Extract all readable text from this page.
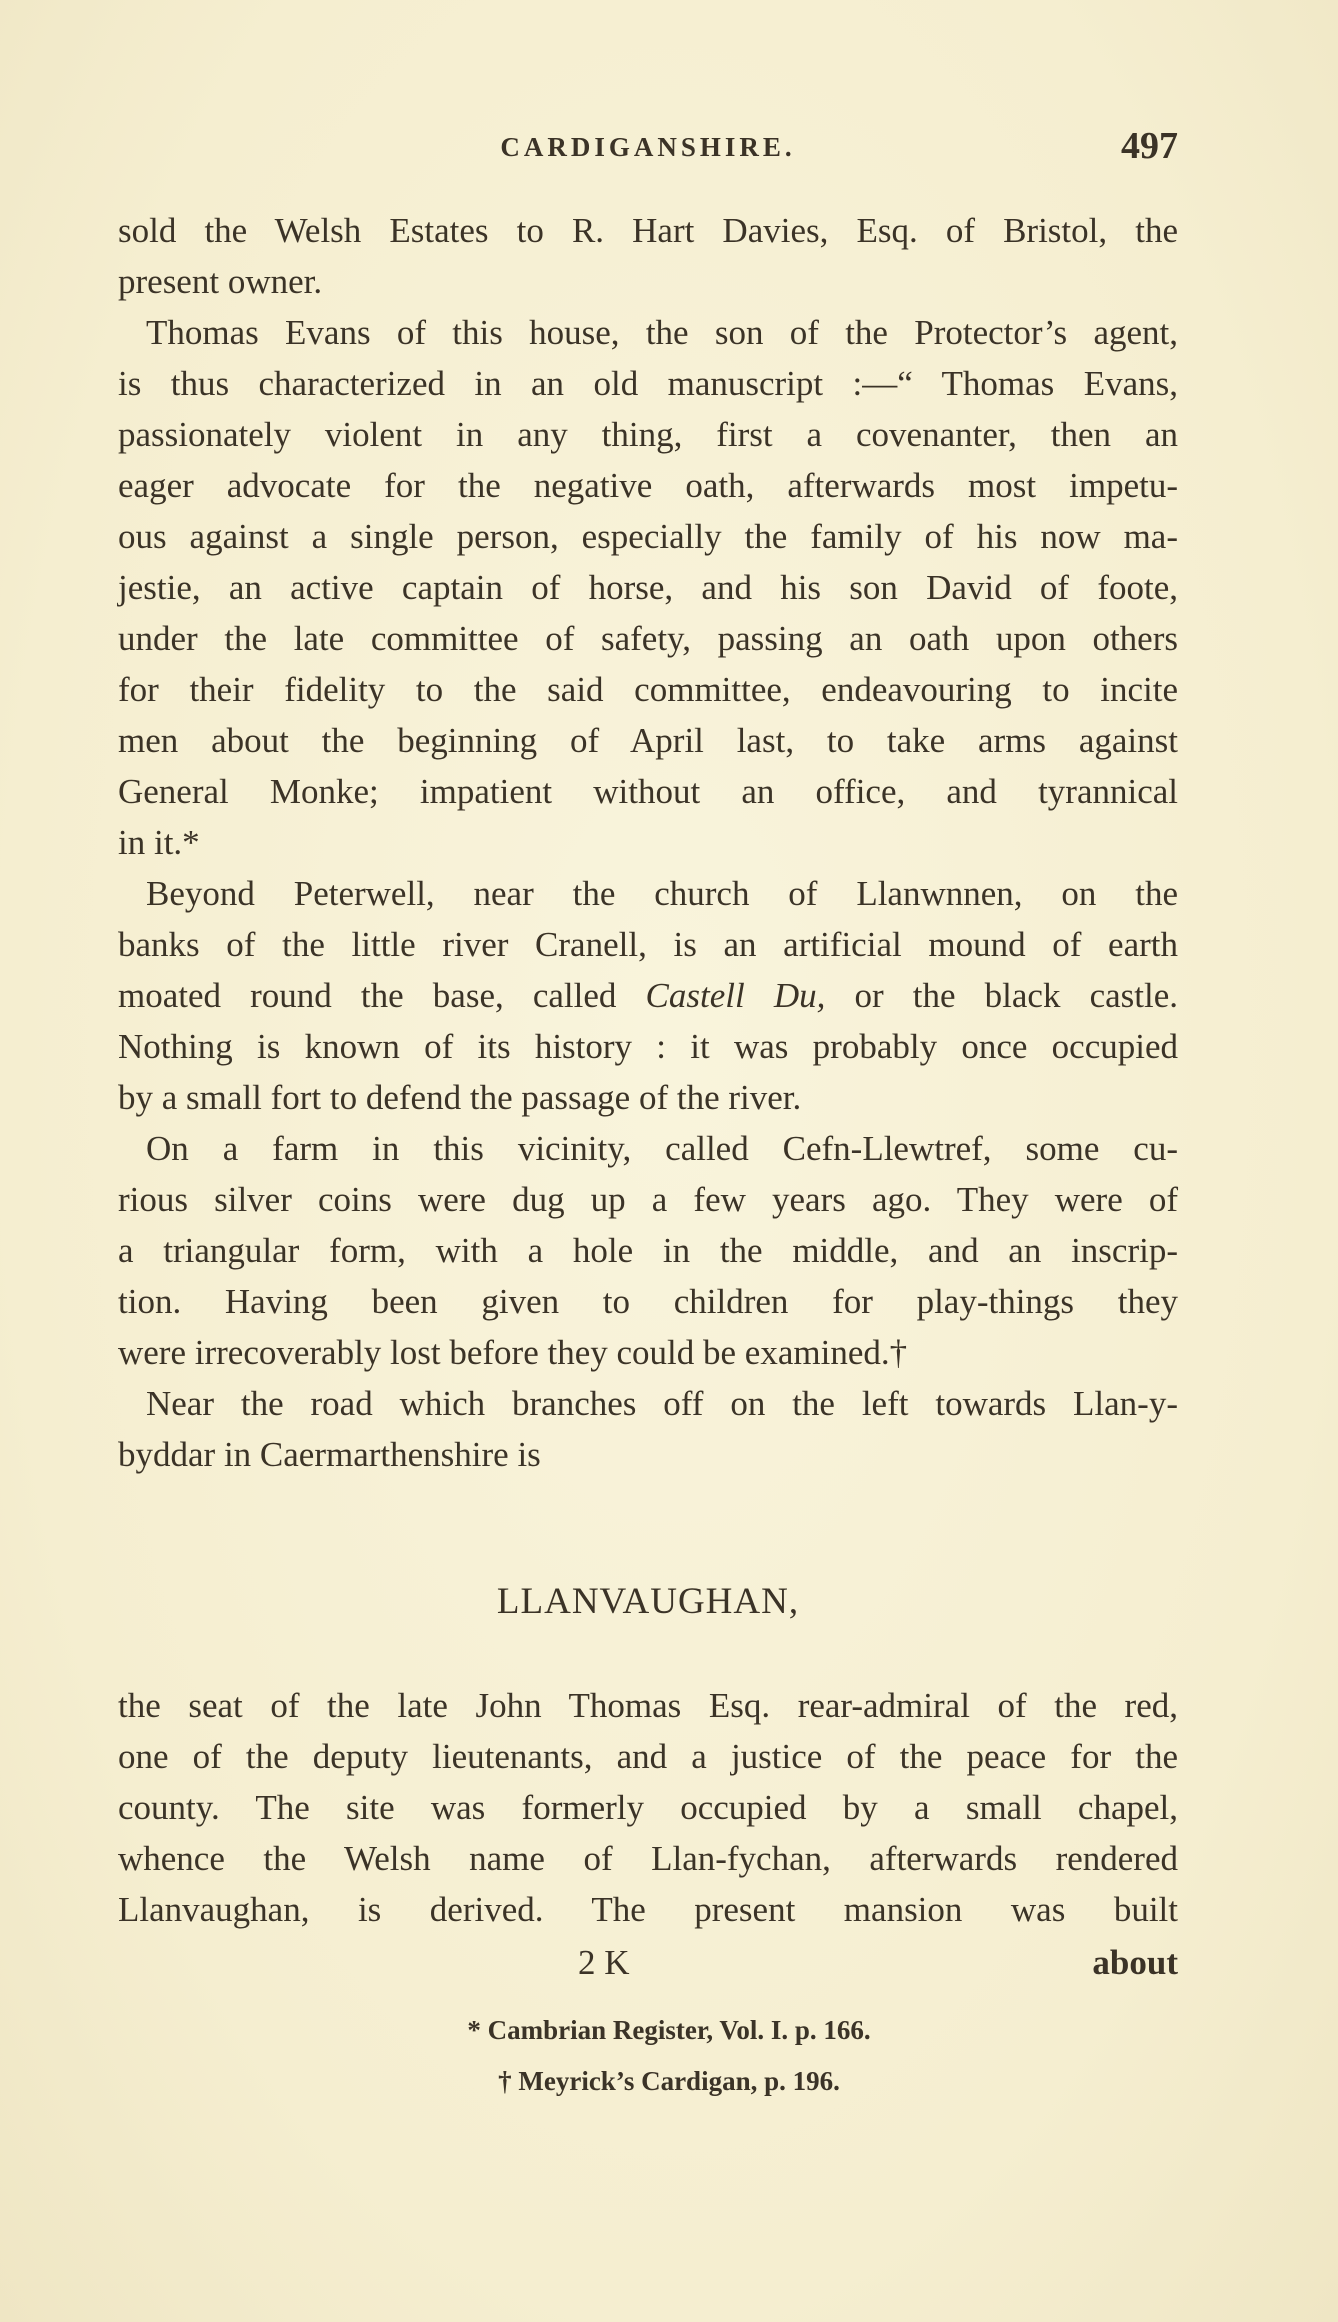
CARDIGANSHIRE.	497
sold the Welsh Estates to R. Hart Davies, Esq. of Bristol, the
present owner.
Thomas Evans of this house, the son of the Protector’s agent,
is thus characterized in an old manuscript :—“ Thomas Evans,
passionately violent in any thing, first a covenanter, then an
eager advocate for the negative oath, afterwards most impetu-
ous against a single person, especially the family of his now ma-
jestie, an active captain of horse, and his son David of foote,
under the late committee of safety, passing an oath upon others
for their fidelity to the said committee, endeavouring to incite
men about the beginning of April last, to take arms against
General Monke; impatient without an office, and tyrannical
in it.*
Beyond Peterwell, near the church of Llanwnnen, on the
banks of the little river Cranell, is an artificial mound of earth
moated round the base, called Castell Du, or the black castle.
Nothing is known of its history : it was probably once occupied
by a small fort to defend the passage of the river.
On a farm in this vicinity, called Cefn-Llewtref, some cu-
rious silver coins were dug up a few years ago. They were of
a triangular form, with a hole in the middle, and an inscrip-
tion. Having been given to children for play-things they
were irrecoverably lost before they could be examined.†
Near the road which branches off on the left towards Llan-y-
byddar in Caermarthenshire is
LLANVAUGHAN,
the seat of the late John Thomas Esq. rear-admiral of the red,
one of the deputy lieutenants, and a justice of the peace for the
county. The site was formerly occupied by a small chapel,
whence the Welsh name of Llan-fychan, afterwards rendered
Llanvaughan, is derived. The present mansion was built
2 K	about
* Cambrian Register, Vol. I. p. 166.
† Meyrick’s Cardigan, p. 196.
